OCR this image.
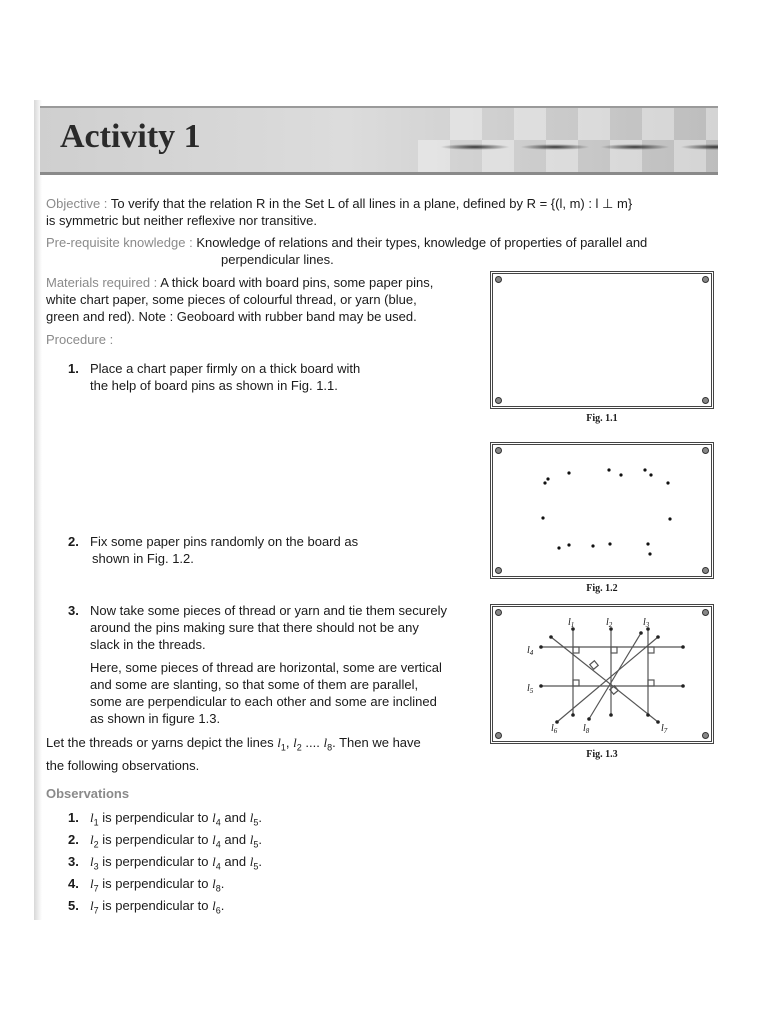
Activity 1
Objective : To verify that the relation R in the Set L of all lines in a plane, defined by R = {(l, m) : l ⊥ m}
is symmetric but neither reflexive nor transitive.
Pre-requisite knowledge : Knowledge of relations and their types, knowledge of properties of parallel and
perpendicular lines.
Materials required : A thick board with board pins, some paper pins,
white chart paper, some pieces of colourful thread, or yarn (blue,
green and red). Note : Geoboard with rubber band may be used.
Procedure :
1. Place a chart paper firmly on a thick board with
the help of board pins as shown in Fig. 1.1.
2. Fix some paper pins randomly on the board as
shown in Fig. 1.2.
3. Now take some pieces of thread or yarn and tie them securely
around the pins making sure that there should not be any
slack in the threads.
Here, some pieces of thread are horizontal, some are vertical
and some are slanting, so that some of them are parallel,
some are perpendicular to each other and some are inclined
as shown in figure 1.3.
Let the threads or yarns depict the lines $l_1$, $l_2$ .... $l_8$. Then we have
the following observations.
Fig. 1.1
Fig. 1.2
$l_1$	$l_2$	$l_3$
$l_4$
$l_5$
$l_6$	$l_8$	$l_7$
Fig. 1.3
Observations
1. $l_1$ is perpendicular to $l_4$ and $l_5$.
2. $l_2$ is perpendicular to $l_4$ and $l_5$.
3. $l_3$ is perpendicular to $l_4$ and $l_5$.
4. $l_7$ is perpendicular to $l_8$.
5. $l_7$ is perpendicular to $l_6$.
